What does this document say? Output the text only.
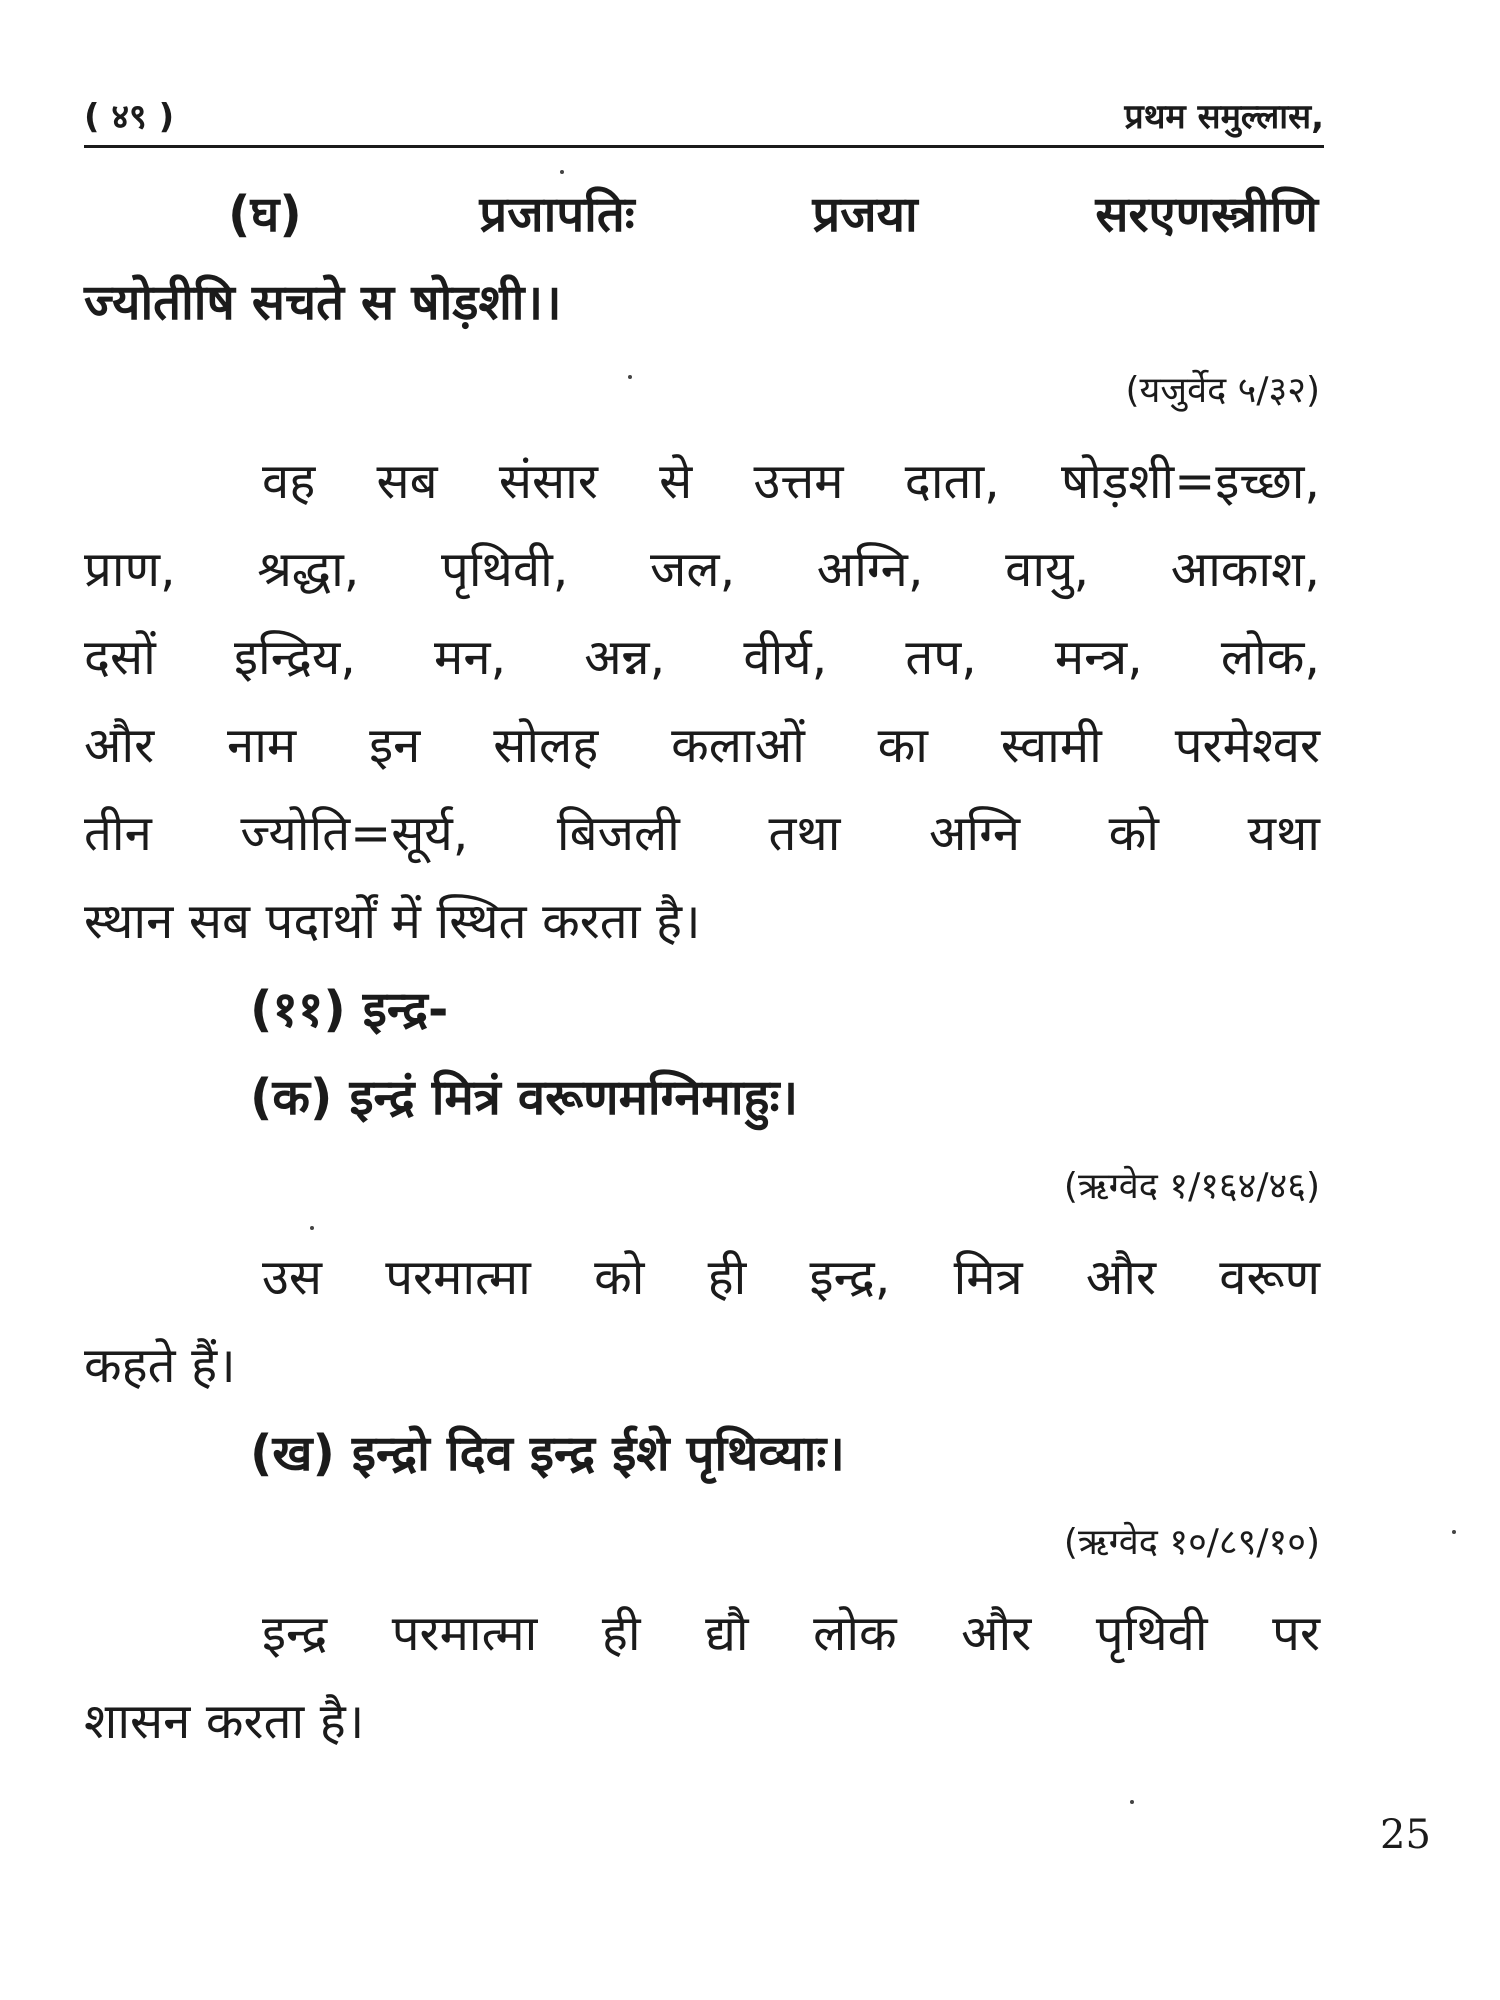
( ४९ )	प्रथम समुल्लास,
(घ) प्रजापतिः प्रजया सरएणस्त्रीणि
ज्योतीषि सचते स षोड़शी।।
(यजुर्वेद ५/३२)
वह सब संसार से उत्तम दाता, षोड़शी=इच्छा,
प्राण, श्रद्धा, पृथिवी, जल, अग्नि, वायु, आकाश,
दसों इन्द्रिय, मन, अन्न, वीर्य, तप, मन्त्र, लोक,
और नाम इन सोलह कलाओं का स्वामी परमेश्वर
तीन ज्योति=सूर्य, बिजली तथा अग्नि को यथा
स्थान सब पदार्थों में स्थित करता है।
(११) इन्द्र-
(क) इन्द्रं मित्रं वरूणमग्निमाहुः।
(ऋग्वेद १/१६४/४६)
उस परमात्मा को ही इन्द्र, मित्र और वरूण
कहते हैं।
(ख) इन्द्रो दिव इन्द्र ईशे पृथिव्याः।
(ऋग्वेद १०/८९/१०)
इन्द्र परमात्मा ही द्यौ लोक और पृथिवी पर
शासन करता है।
25
